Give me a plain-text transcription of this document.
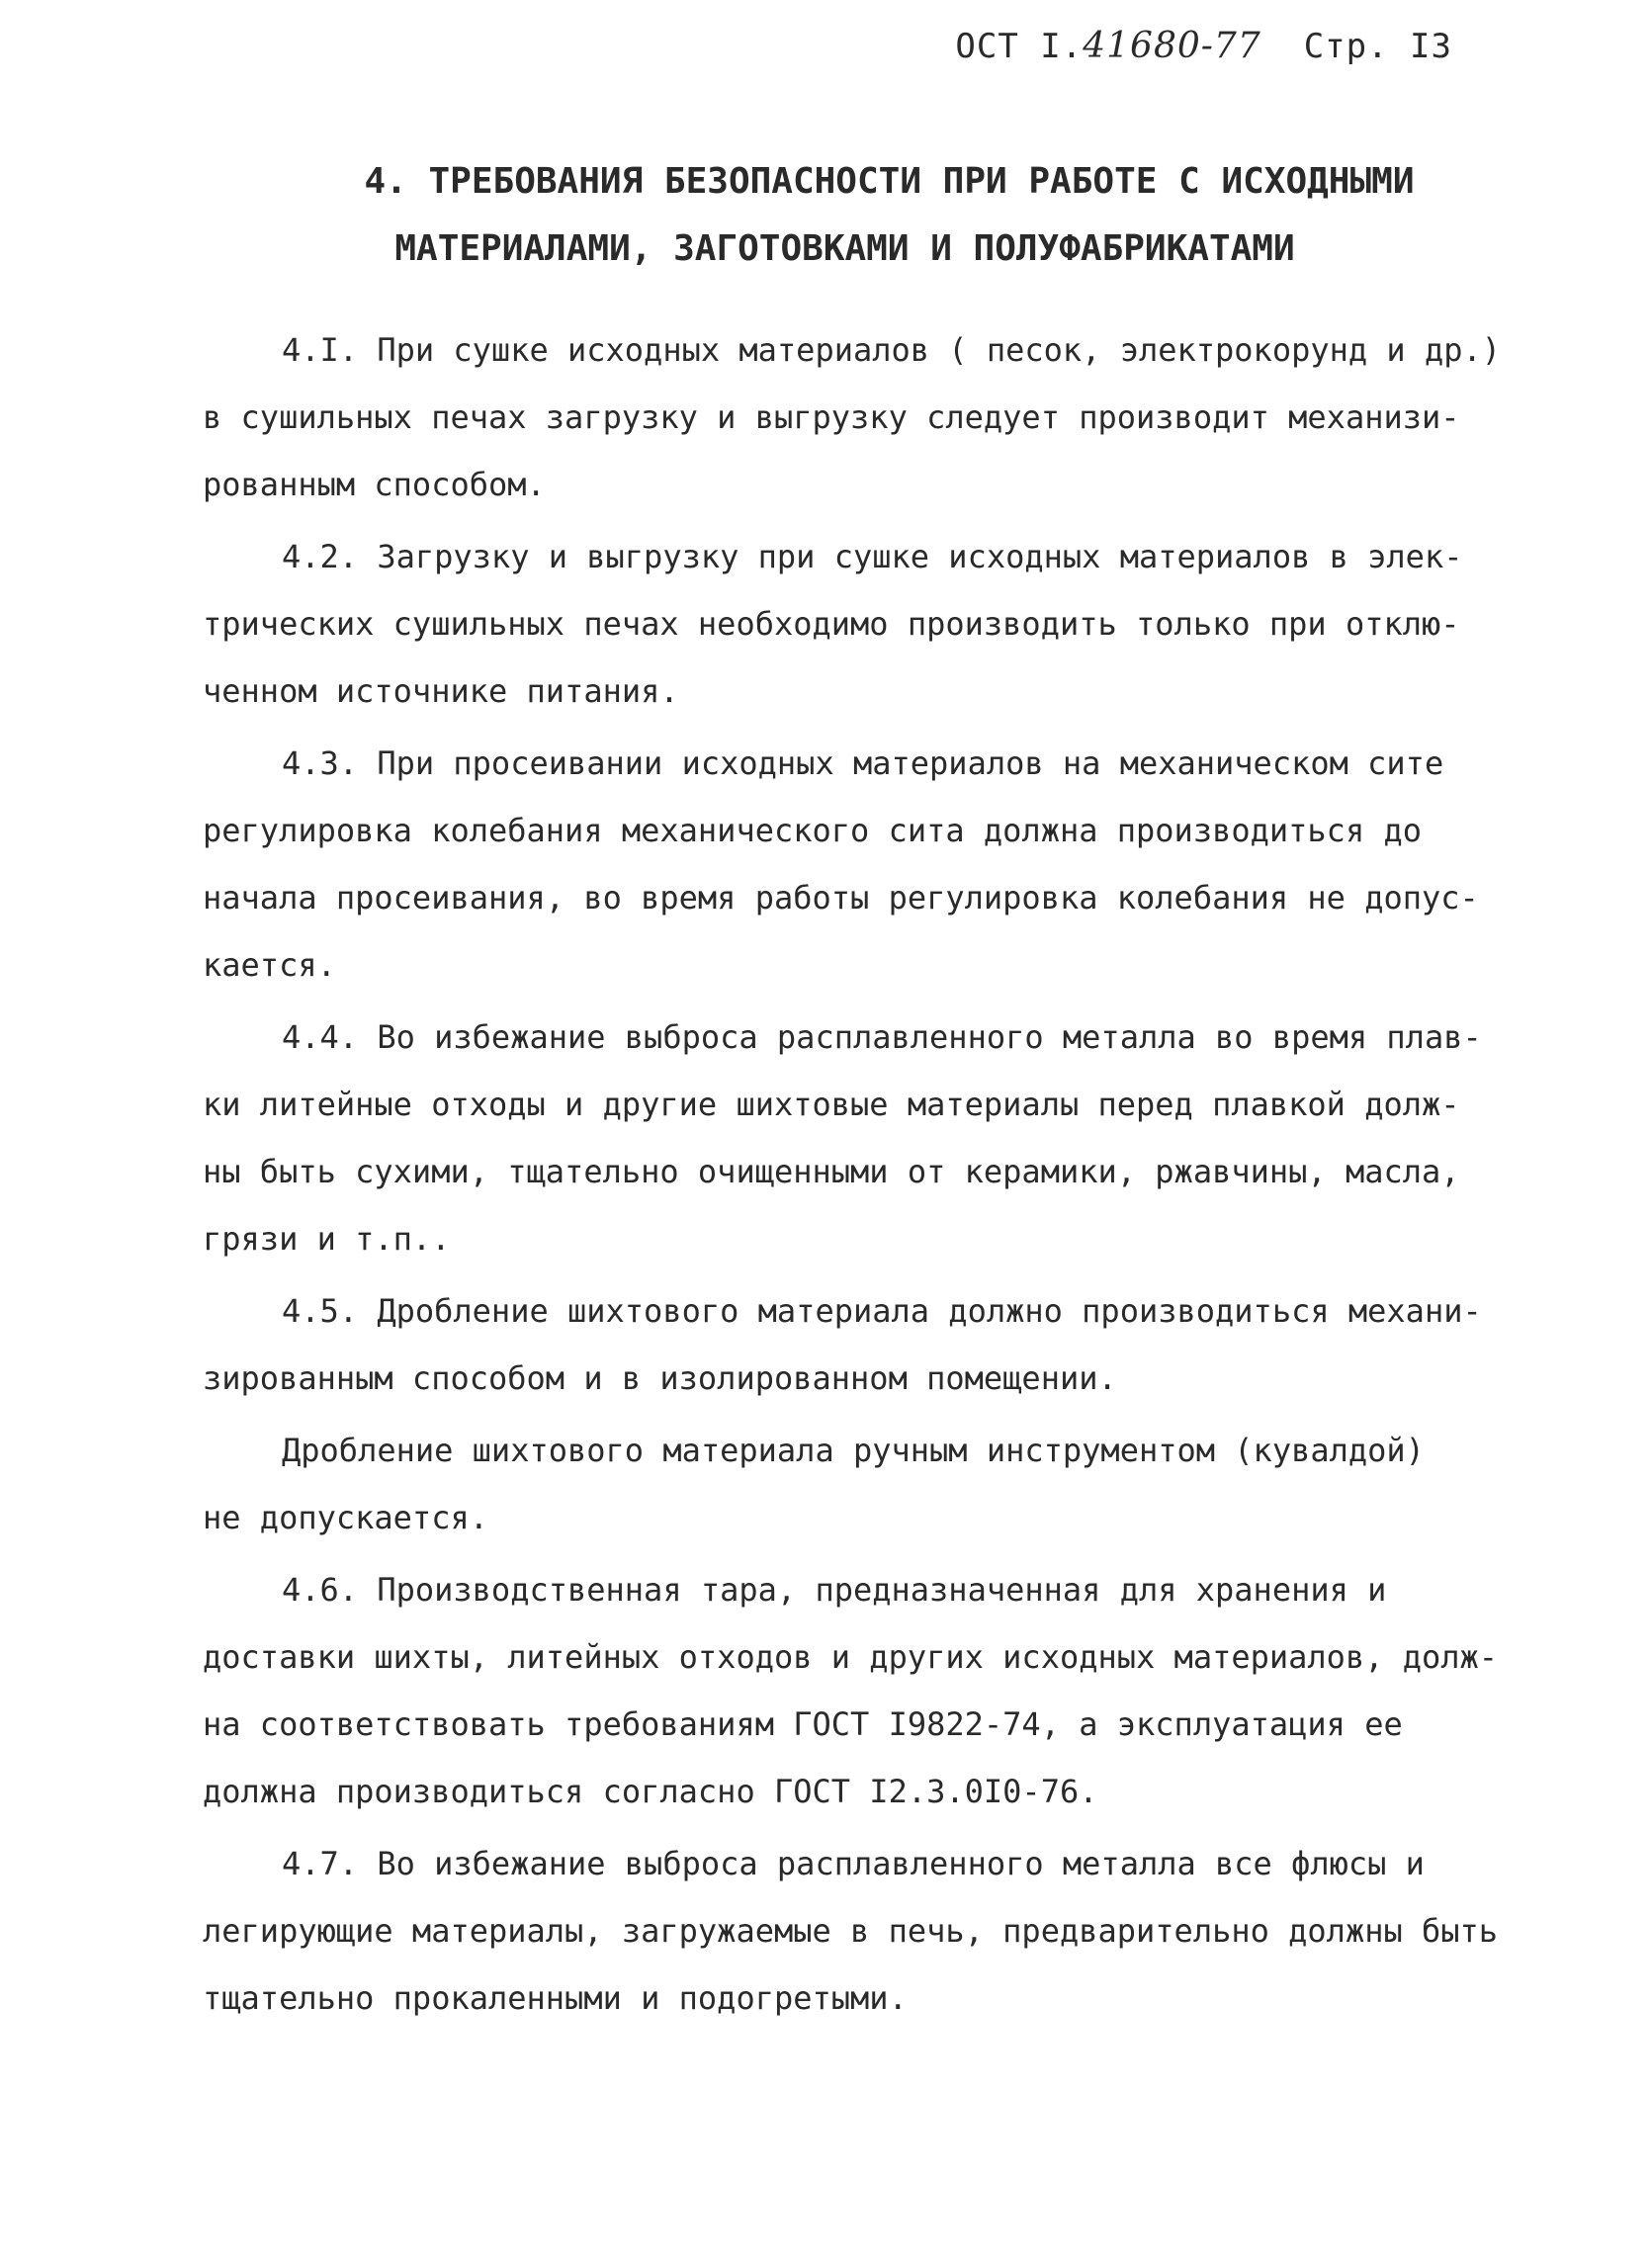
ОСТ I.41680-77 Стр. I3
4. ТРЕБОВАНИЯ БЕЗОПАСНОСТИ ПРИ РАБОТЕ С ИСХОДНЫМИ
МАТЕРИАЛАМИ, ЗАГОТОВКАМИ И ПОЛУФАБРИКАТАМИ
4.I. При сушке исходных материалов ( песок, электрокорунд и др.)
в сушильных печах загрузку и выгрузку следует производит механизи-
рованным способом.
4.2. Загрузку и выгрузку при сушке исходных материалов в элек-
трических сушильных печах необходимо производить только при отклю-
ченном источнике питания.
4.3. При просеивании исходных материалов на механическом сите
регулировка колебания механического сита должна производиться до
начала просеивания, во время работы регулировка колебания не допус-
кается.
4.4. Во избежание выброса расплавленного металла во время плав-
ки литейные отходы и другие шихтовые материалы перед плавкой долж-
ны быть сухими, тщательно очищенными от керамики, ржавчины, масла,
грязи и т.п..
4.5. Дробление шихтового материала должно производиться механи-
зированным способом и в изолированном помещении.
Дробление шихтового материала ручным инструментом (кувалдой)
не допускается.
4.6. Производственная тара, предназначенная для хранения и
доставки шихты, литейных отходов и других исходных материалов, долж-
на соответствовать требованиям ГОСТ I9822-74, а эксплуатация ее
должна производиться согласно ГОСТ I2.3.0I0-76.
4.7. Во избежание выброса расплавленного металла все флюсы и
легирующие материалы, загружаемые в печь, предварительно должны быть
тщательно прокаленными и подогретыми.
